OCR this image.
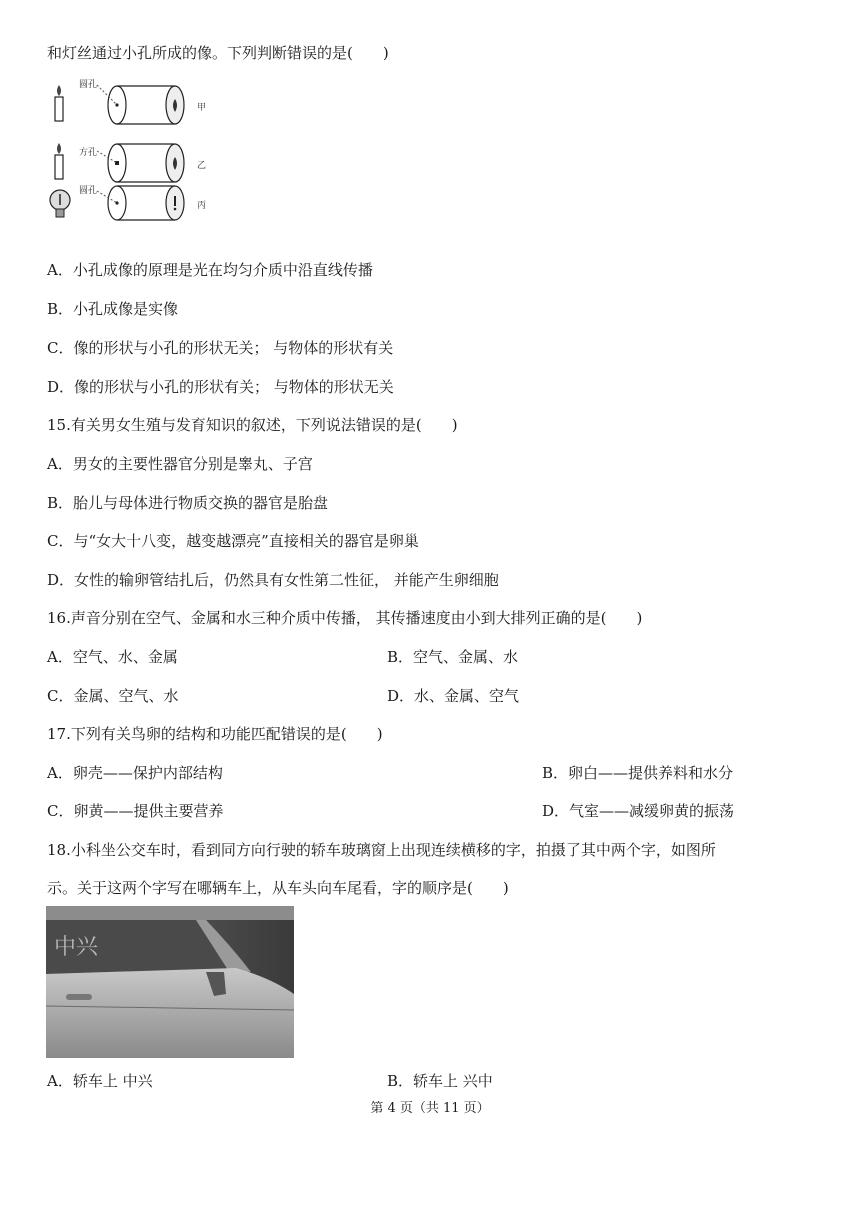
和灯丝通过小孔所成的像。下列判断错误的是(　　)
圆孔
甲
方孔
乙
圆孔
丙
A．小孔成像的原理是光在均匀介质中沿直线传播
B．小孔成像是实像
C．像的形状与小孔的形状无关； 与物体的形状有关
D．像的形状与小孔的形状有关； 与物体的形状无关
15.有关男女生殖与发育知识的叙述，下列说法错误的是(　　)
A．男女的主要性器官分别是睾丸、子宫
B．胎儿与母体进行物质交换的器官是胎盘
C．与“女大十八变，越变越漂亮”直接相关的器官是卵巢
D．女性的输卵管结扎后，仍然具有女性第二性征， 并能产生卵细胞
16.声音分别在空气、金属和水三种介质中传播， 其传播速度由小到大排列正确的是(　　)
A．空气、水、金属	B．空气、金属、水
C．金属、空气、水	D．水、金属、空气
17.下列有关鸟卵的结构和功能匹配错误的是(　　)
A．卵壳——保护内部结构	B．卵白——提供养料和水分
C．卵黄——提供主要营养	D．气室——减缓卵黄的振荡
18.小科坐公交车时，看到同方向行驶的轿车玻璃窗上出现连续横移的字，拍摄了其中两个字，如图所
示。关于这两个字写在哪辆车上，从车头向车尾看，字的顺序是(　　)
中兴
A．轿车上 中兴	B．轿车上 兴中
第 4 页（共 11 页）
